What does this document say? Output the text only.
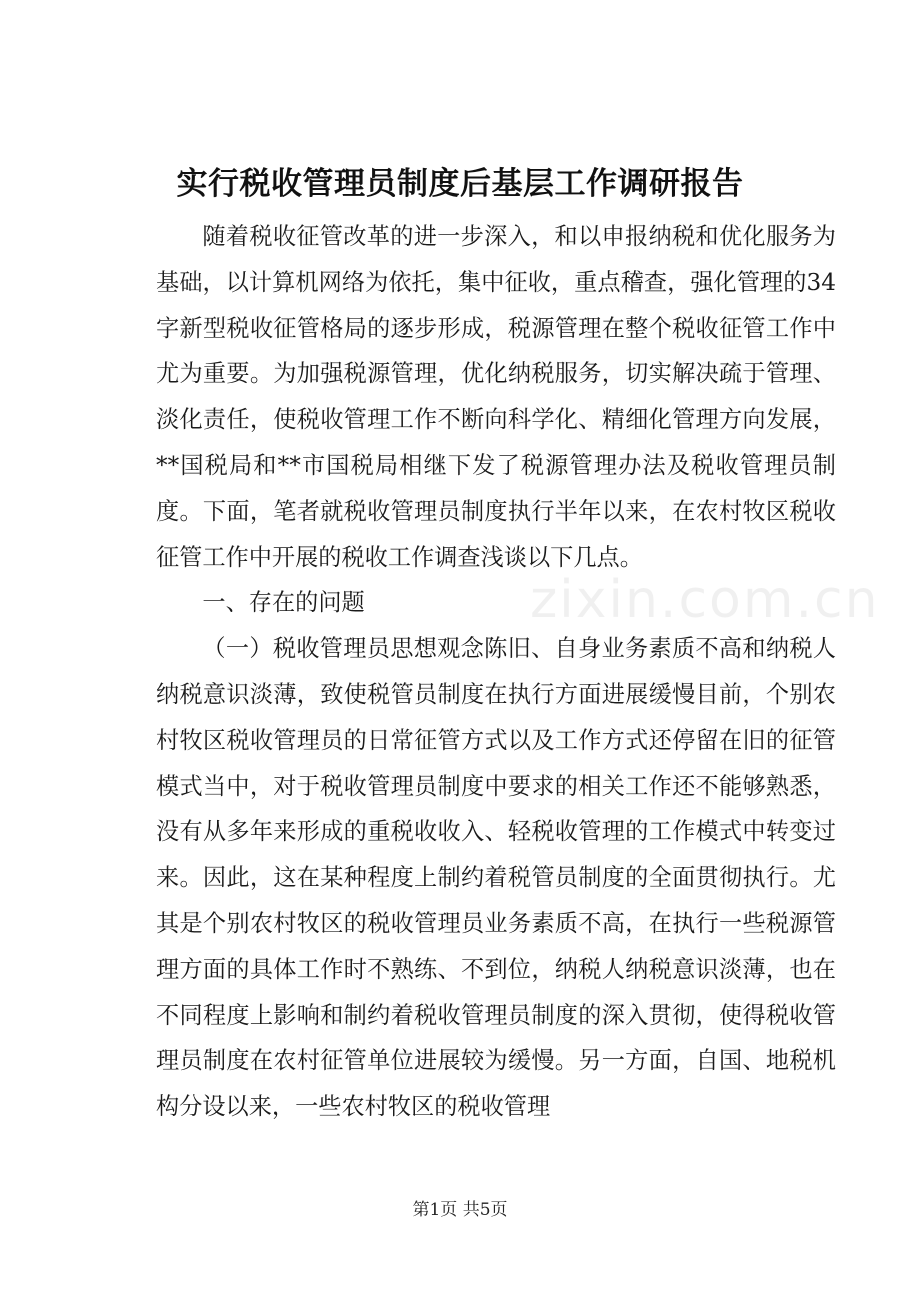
实行税收管理员制度后基层工作调研报告

随着税收征管改革的进一步深入，和以申报纳税和优化服务为基础，以计算机网络为依托，集中征收，重点稽查，强化管理的34字新型税收征管格局的逐步形成，税源管理在整个税收征管工作中尤为重要。为加强税源管理，优化纳税服务，切实解决疏于管理、淡化责任，使税收管理工作不断向科学化、精细化管理方向发展，**国税局和**市国税局相继下发了税源管理办法及税收管理员制度。下面，笔者就税收管理员制度执行半年以来，在农村牧区税收征管工作中开展的税收工作调查浅谈以下几点。

一、存在的问题

（一）税收管理员思想观念陈旧、自身业务素质不高和纳税人纳税意识淡薄，致使税管员制度在执行方面进展缓慢目前，个别农村牧区税收管理员的日常征管方式以及工作方式还停留在旧的征管模式当中，对于税收管理员制度中要求的相关工作还不能够熟悉，没有从多年来形成的重税收收入、轻税收管理的工作模式中转变过来。因此，这在某种程度上制约着税管员制度的全面贯彻执行。尤其是个别农村牧区的税收管理员业务素质不高，在执行一些税源管理方面的具体工作时不熟练、不到位，纳税人纳税意识淡薄，也在不同程度上影响和制约着税收管理员制度的深入贯彻，使得税收管理员制度在农村征管单位进展较为缓慢。另一方面，自国、地税机构分设以来，一些农村牧区的税收管理

zixin.com.cn
第1页 共5页
